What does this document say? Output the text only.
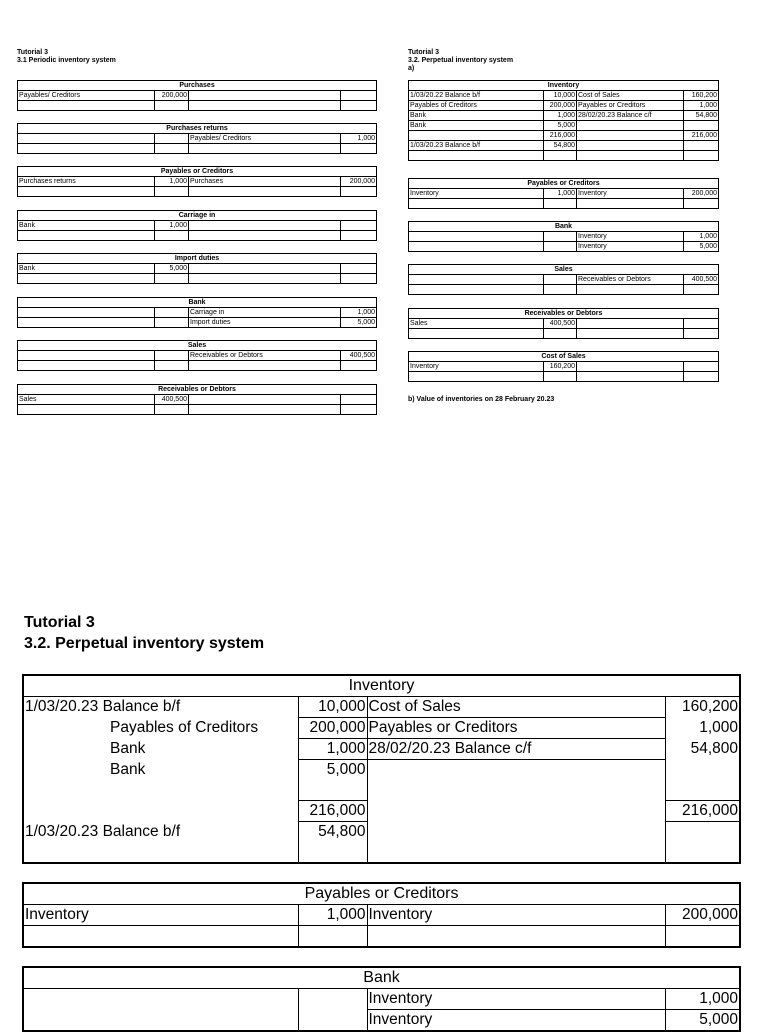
Tutorial 3
3.1 Periodic inventory system
Tutorial 3
3.2. Perpetual inventory system
a)
Purchases			
Payables/ Creditors	200,000		

Purchases returns			
		Payables/ Creditors	1,000

Payables or Creditors			
Purchases returns	1,000	Purchases	200,000

Carriage in			
Bank	1,000		

Import duties			
Bank	5,000		

Bank			
		Carriage in	1,000
		Import duties	5,000
Sales			
		Receivables or Debtors	400,500

Receivables or Debtors			
Sales	400,500		

Inventory			
1/03/20.22 Balance b/f	10,000	Cost of Sales	160,200
Payables of Creditors	200,000	Payables or Creditors	1,000
Bank	1,000	28/02/20.23 Balance c/f	54,800
Bank	5,000		
	216,000		216,000
1/03/20.23 Balance b/f	54,800		

Payables or Creditors			
Inventory	1,000	Inventory	200,000

Bank			
		Inventory	1,000
		Inventory	5,000
Sales			
		Receivables or Debtors	400,500

Receivables or Debtors			
Sales	400,500		

Cost of Sales			
Inventory	160,200		

b) Value of inventories on 28 February 20.23
Tutorial 3
3.2. Perpetual inventory system
Inventory			
1/03/20.23 Balance b/f	10,000	Cost of Sales	160,200
Payables of Creditors	200,000	Payables or Creditors	1,000
Bank	1,000	28/02/20.23 Balance c/f	54,800
Bank	5,000		

	216,000		216,000
1/03/20.23 Balance b/f	54,800		

Payables or Creditors			
Inventory	1,000	Inventory	200,000

Bank			
		Inventory	1,000
		Inventory	5,000
